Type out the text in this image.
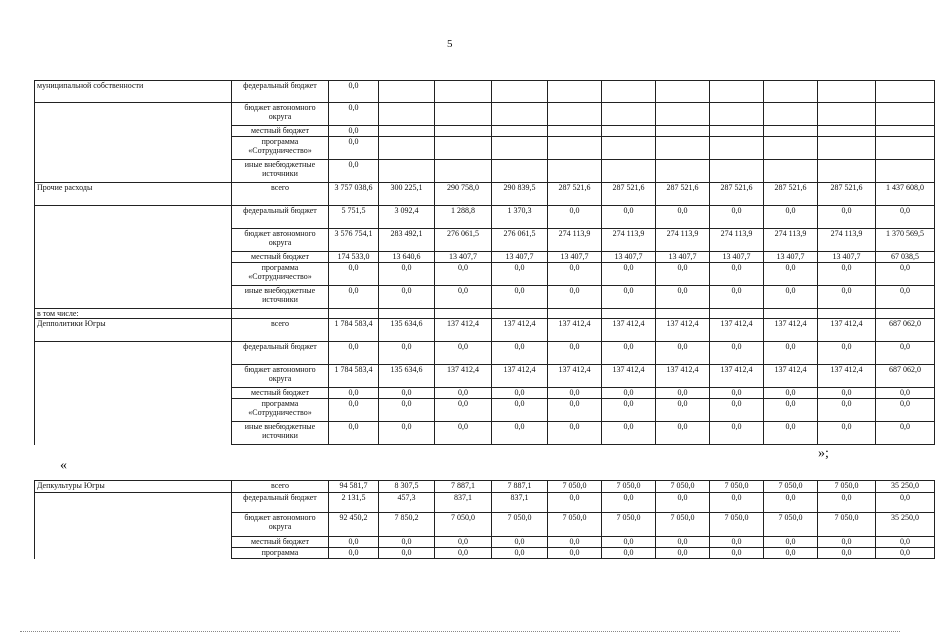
5
муниципальной собственности	федеральный бюджет	0,0										
	бюджет автономного округа	0,0										
	местный бюджет	0,0										
	программа «Сотрудничество»	0,0										
	иные внебюджетные источники	0,0										
Прочие расходы	всего	3 757 038,6	300 225,1	290 758,0	290 839,5	287 521,6	287 521,6	287 521,6	287 521,6	287 521,6	287 521,6	1 437 608,0
	федеральный бюджет	5 751,5	3 092,4	1 288,8	1 370,3	0,0	0,0	0,0	0,0	0,0	0,0	0,0
	бюджет автономного округа	3 576 754,1	283 492,1	276 061,5	276 061,5	274 113,9	274 113,9	274 113,9	274 113,9	274 113,9	274 113,9	1 370 569,5
	местный бюджет	174 533,0	13 640,6	13 407,7	13 407,7	13 407,7	13 407,7	13 407,7	13 407,7	13 407,7	13 407,7	67 038,5
	программа «Сотрудничество»	0,0	0,0	0,0	0,0	0,0	0,0	0,0	0,0	0,0	0,0	0,0
	иные внебюджетные источники	0,0	0,0	0,0	0,0	0,0	0,0	0,0	0,0	0,0	0,0	0,0
в том числе:												
Депполитики Югры	всего	1 784 583,4	135 634,6	137 412,4	137 412,4	137 412,4	137 412,4	137 412,4	137 412,4	137 412,4	137 412,4	687 062,0
	федеральный бюджет	0,0	0,0	0,0	0,0	0,0	0,0	0,0	0,0	0,0	0,0	0,0
	бюджет автономного округа	1 784 583,4	135 634,6	137 412,4	137 412,4	137 412,4	137 412,4	137 412,4	137 412,4	137 412,4	137 412,4	687 062,0
	местный бюджет	0,0	0,0	0,0	0,0	0,0	0,0	0,0	0,0	0,0	0,0	0,0
	программа «Сотрудничество»	0,0	0,0	0,0	0,0	0,0	0,0	0,0	0,0	0,0	0,0	0,0
	иные внебюджетные источники	0,0	0,0	0,0	0,0	0,0	0,0	0,0	0,0	0,0	0,0	0,0
«
»;
Депкультуры Югры	всего	94 581,7	8 307,5	7 887,1	7 887,1	7 050,0	7 050,0	7 050,0	7 050,0	7 050,0	7 050,0	35 250,0
	федеральный бюджет	2 131,5	457,3	837,1	837,1	0,0	0,0	0,0	0,0	0,0	0,0	0,0
	бюджет автономного округа	92 450,2	7 850,2	7 050,0	7 050,0	7 050,0	7 050,0	7 050,0	7 050,0	7 050,0	7 050,0	35 250,0
	местный бюджет	0,0	0,0	0,0	0,0	0,0	0,0	0,0	0,0	0,0	0,0	0,0
	программа	0,0	0,0	0,0	0,0	0,0	0,0	0,0	0,0	0,0	0,0	0,0
